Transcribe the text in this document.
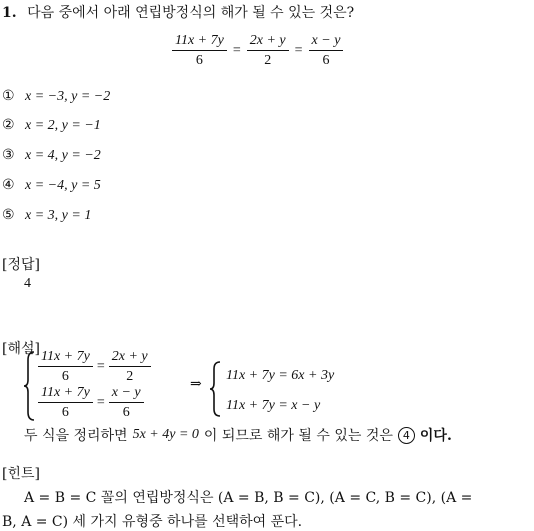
1. 다음 중에서 아래 연립방정식의 해가 될 수 있는 것은?
$\frac{11x + 7y}{6} = \frac{2x + y}{2} = \frac{x - y}{6}$
① x = −3, y = −2
② x = 2, y = −1
③ x = 4, y = −2
④ x = −4, y = 5
⑤ x = 3, y = 1
[정답]
4
[해설]
$\frac{11x + 7y}{6} = \frac{2x + y}{2}$
$\frac{11x + 7y}{6} = \frac{x - y}{6}$
⇒
11x + 7y = 6x + 3y
11x + 7y = x − y
두 식을 정리하면 5x + 4y = 0 이 되므로 해가 될 수 있는 것은 4 이다.
[힌트]
A = B = C 꼴의 연립방정식은 (A = B, B = C), (A = C, B = C), (A =
B, A = C) 세 가지 유형중 하나를 선택하여 푼다.
